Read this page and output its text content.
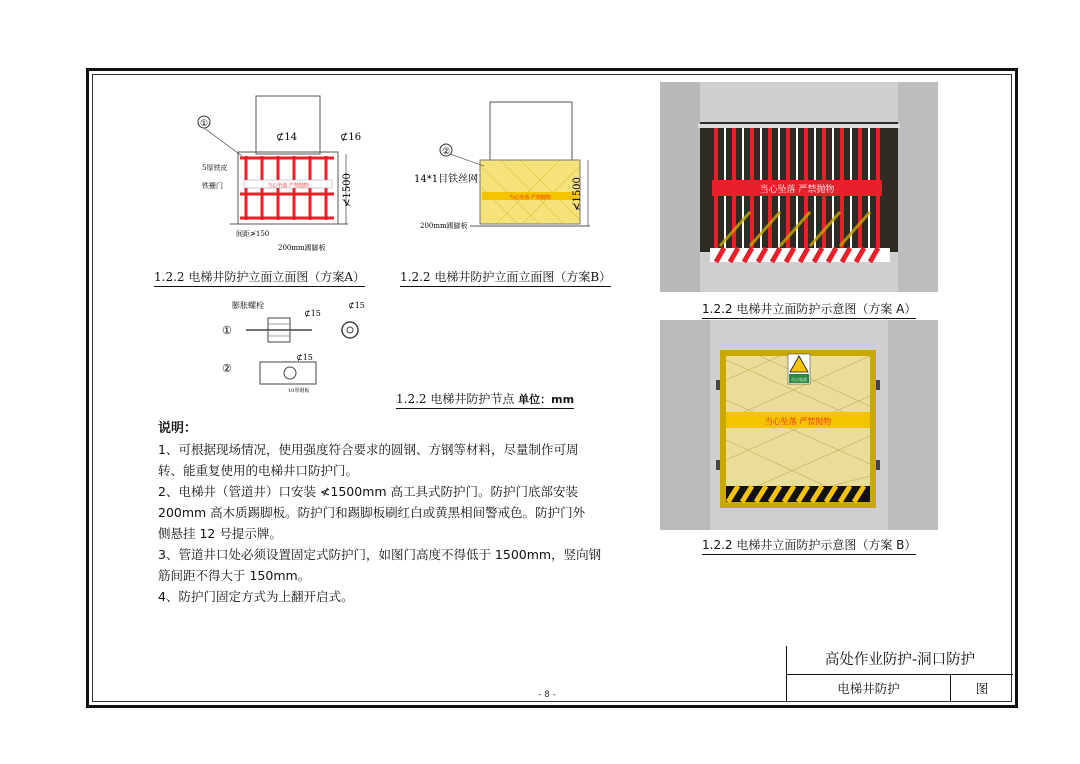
当心坠落 严禁抛物	≮1500
①
⊄14	⊄16
5厚铁皮
铁栅门
间距≯150
200mm踢脚板
1.2.2 电梯井防护立面立面图（方案A）
当心坠落 严禁抛物 ≮1500
②
14*1目铁丝网
200mm踢脚板
1.2.2 电梯井防护立面立面图（方案B）
膨胀螺栓
⊄15
⊄15
①
⊄15
②
10厚钢板
1.2.2 电梯井防护节点 单位：mm
当心坠落 严禁抛物
1.2.2 电梯井立面防护示意图（方案 A）
当心坠落 严禁抛物
当心坠落
1.2.2 电梯井立面防护示意图（方案 B）
说明：
1、可根据现场情况，使用强度符合要求的圆钢、方钢等材料，尽量制作可周
转、能重复使用的电梯井口防护门。
2、电梯井（管道井）口安装 ≮1500mm 高工具式防护门。防护门底部安装
200mm 高木质踢脚板。防护门和踢脚板刷红白或黄黑相间警戒色。防护门外
侧悬挂 12 号提示牌。
3、管道井口处必须设置固定式防护门，如图门高度不得低于 1500mm，竖向钢
筋间距不得大于 150mm。
4、防护门固定方式为上翻开启式。
高处作业防护-洞口防护
电梯井防护	图
- 8 -
